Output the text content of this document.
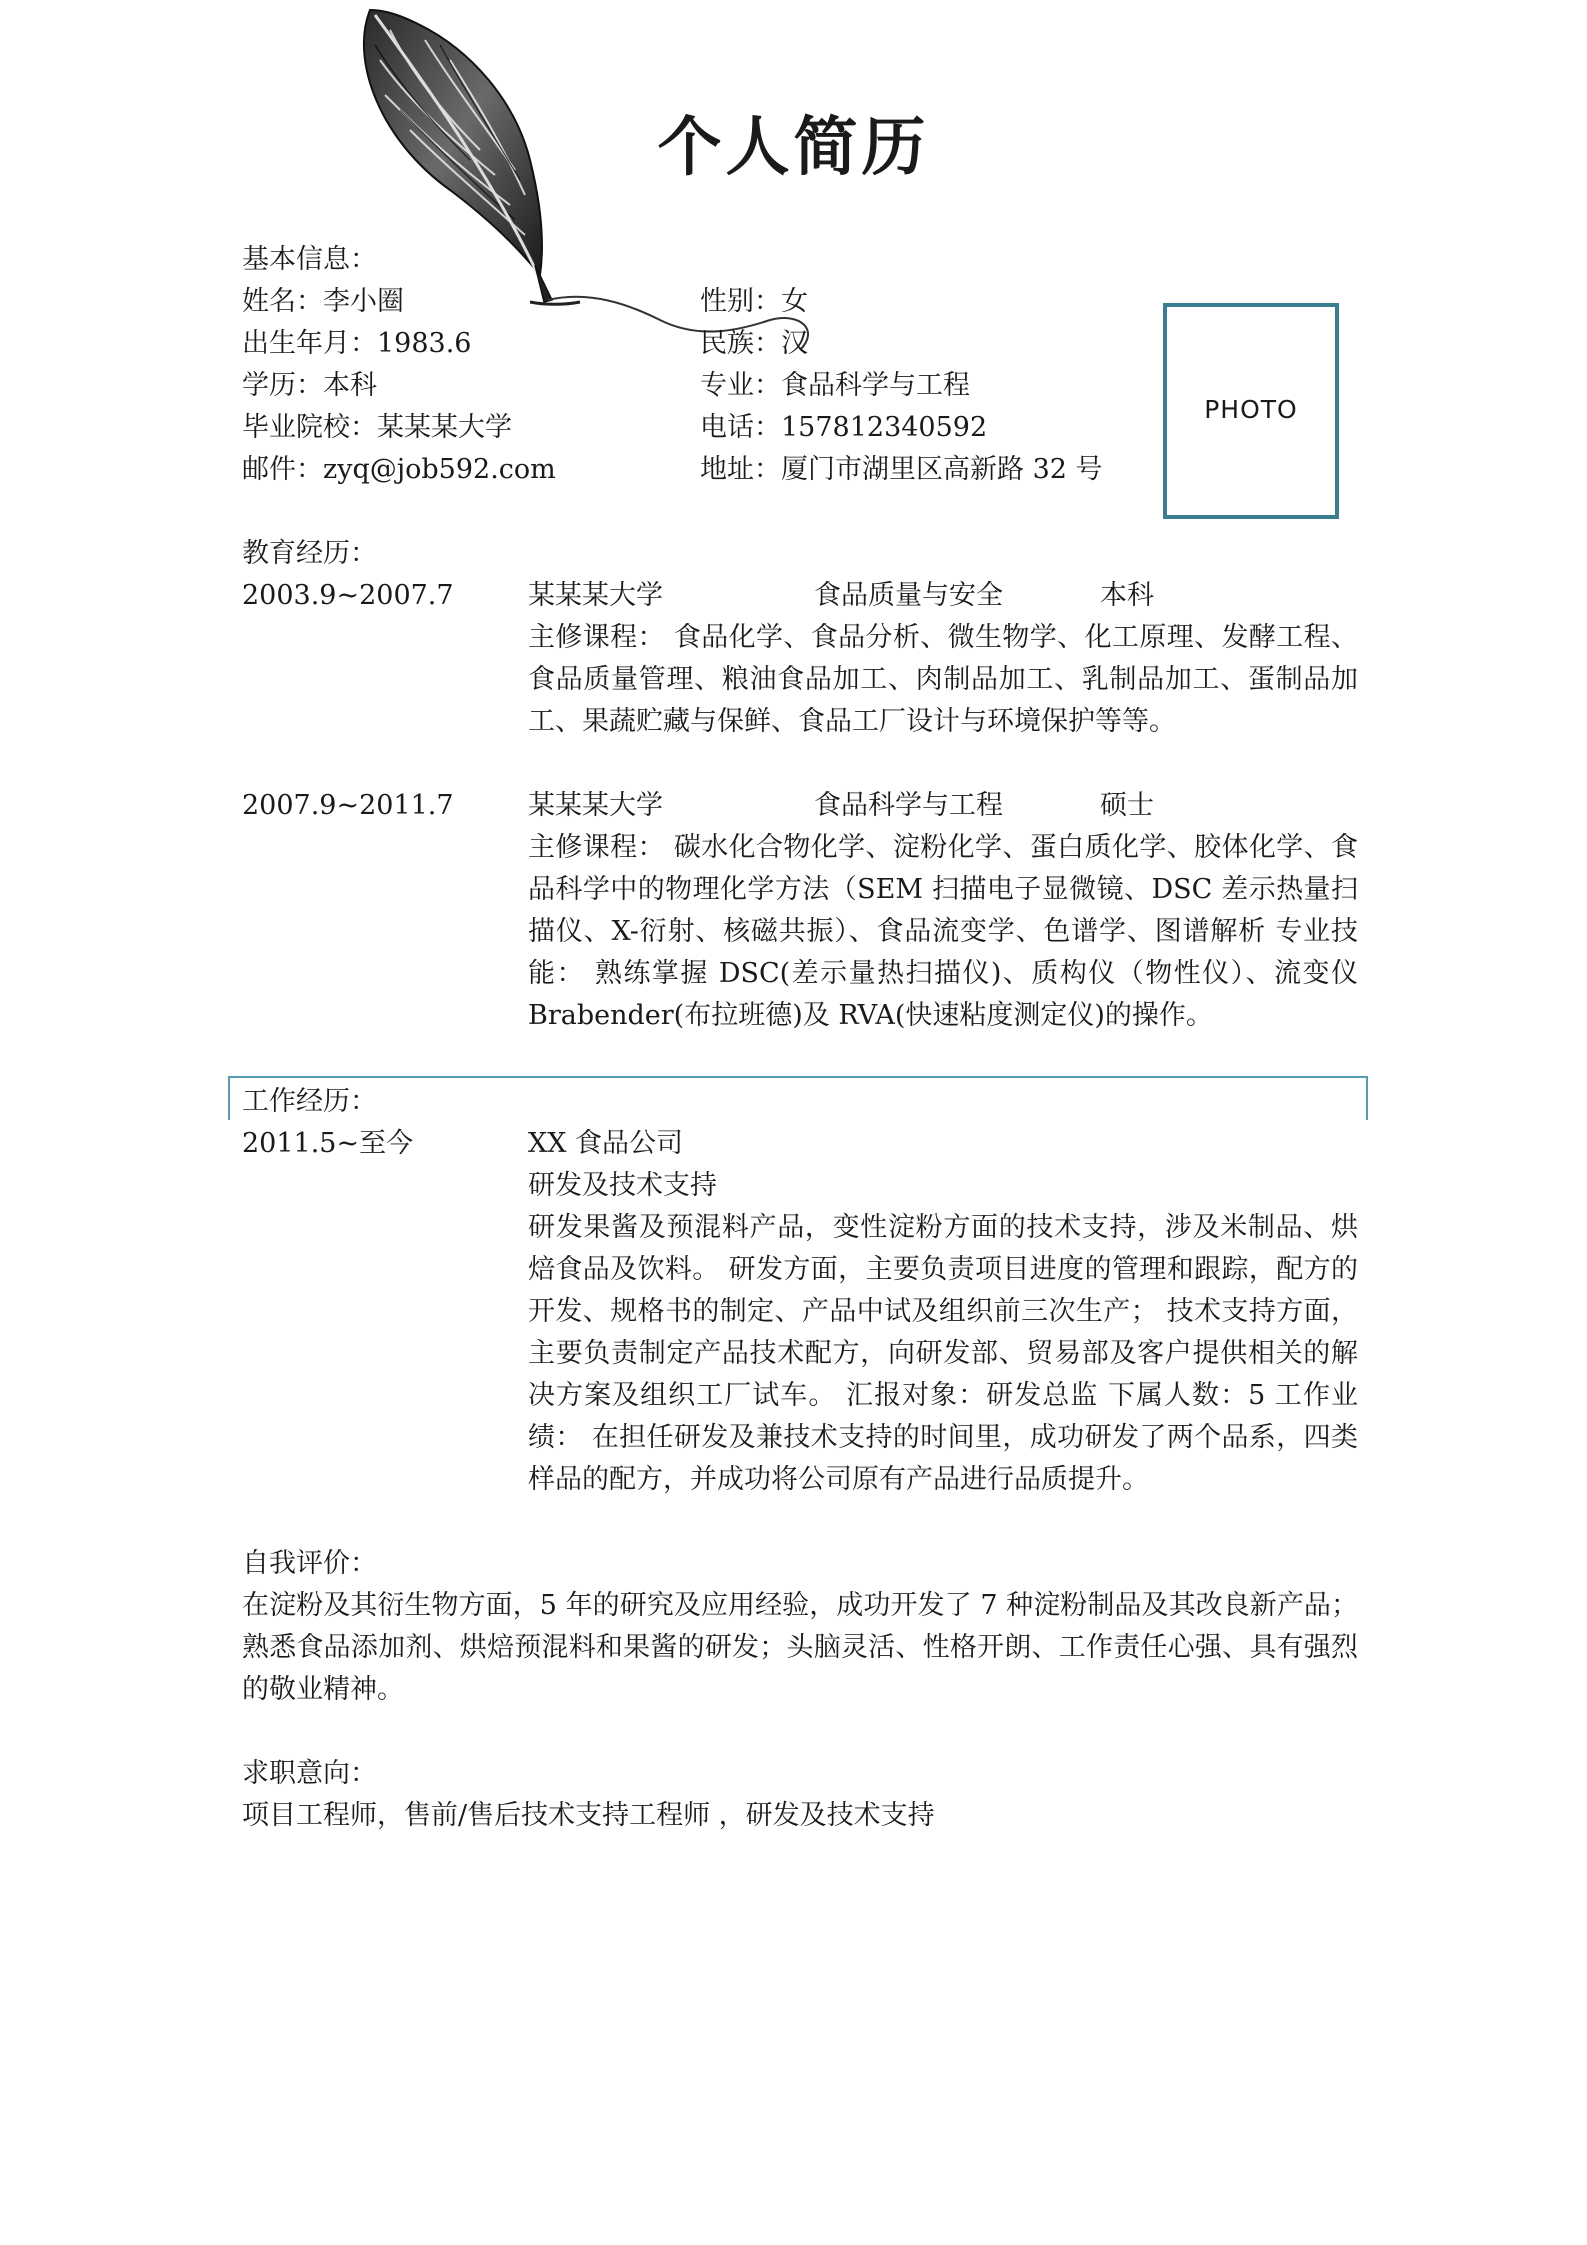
个人简历
基本信息：
姓名：李小圈	性别：女
出生年月：1983.6	民族：汉
学历：本科	专业：食品科学与工程
毕业院校：某某某大学	电话：157812340592
邮件：zyq@job592.com	地址：厦门市湖里区高新路 32 号
PHOTO
教育经历：
2003.9~2007.7	某某某大学	食品质量与安全	本科
主修课程： 食品化学、食品分析、微生物学、化工原理、发酵工程、食品质量管理、粮油食品加工、肉制品加工、乳制品加工、蛋制品加工、果蔬贮藏与保鲜、食品工厂设计与环境保护等等。
2007.9~2011.7	某某某大学	食品科学与工程	硕士
主修课程： 碳水化合物化学、淀粉化学、蛋白质化学、胶体化学、食品科学中的物理化学方法（SEM 扫描电子显微镜、DSC 差示热量扫描仪、X-衍射、核磁共振）、食品流变学、色谱学、图谱解析 专业技能： 熟练掌握 DSC(差示量热扫描仪)、质构仪（物性仪）、流变仪 Brabender(布拉班德)及 RVA(快速粘度测定仪)的操作。
工作经历：
2011.5~至今	XX 食品公司
研发及技术支持
研发果酱及预混料产品，变性淀粉方面的技术支持，涉及米制品、烘焙食品及饮料。 研发方面，主要负责项目进度的管理和跟踪，配方的开发、规格书的制定、产品中试及组织前三次生产； 技术支持方面，主要负责制定产品技术配方，向研发部、贸易部及客户提供相关的解决方案及组织工厂试车。 汇报对象：研发总监 下属人数：5 工作业绩： 在担任研发及兼技术支持的时间里，成功研发了两个品系，四类样品的配方，并成功将公司原有产品进行品质提升。
自我评价：
在淀粉及其衍生物方面，5 年的研究及应用经验，成功开发了 7 种淀粉制品及其改良新产品；熟悉食品添加剂、烘焙预混料和果酱的研发；头脑灵活、性格开朗、工作责任心强、具有强烈的敬业精神。
求职意向：
项目工程师，售前/售后技术支持工程师 ，研发及技术支持
